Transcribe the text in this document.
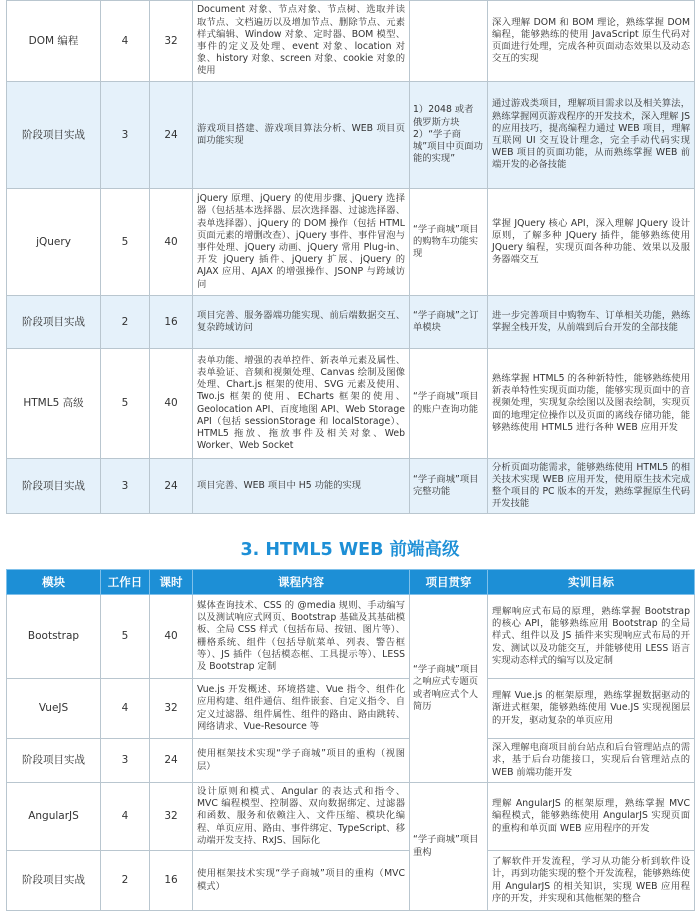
DOM 编程	4	32	Document 对象、节点对象、节点树、选取并读取节点、文档遍历以及增加节点、删除节点、元素样式编辑、Window 对象、定时器、BOM 模型、事件的定义及处理、event 对象、location 对象、history 对象、screen 对象、cookie 对象的使用		深入理解 DOM 和 BOM 理论，熟练掌握 DOM 编程，能够熟练的使用 JavaScript 原生代码对页面进行处理，完成各种页面动态效果以及动态交互的实现
阶段项目实战	3	24	游戏项目搭建、游戏项目算法分析、WEB 项目页面功能实现	1）2048 或者 俄罗斯方块 2）“学子商城”项目中页面功能的实现”	通过游戏类项目，理解项目需求以及相关算法，熟练掌握网页游戏程序的开发技术，深入理解 JS 的应用技巧，提高编程力通过 WEB 项目，理解互联网 UI 交互设计理念，完全手动代码实现 WEB 项目的页面功能，从而熟练掌握 WEB 前端开发的必备技能
jQuery	5	40	jQuery 原理、jQuery 的使用步骤、jQuery 选择器（包括基本选择器、层次选择器、过滤选择器、表单选择器）、jQuery 的 DOM 操作（包括 HTML 页面元素的增删改查）、jQuery 事件、事件冒泡与事件处理、jQuery 动画、jQuery 常用 Plug-in、开发 jQuery 插件、jQuery 扩展、jQuery 的 AJAX 应用、AJAX 的增强操作、JSONP 与跨域访问	“学子商城”项目的购物车功能实现	掌握 JQuery 核心 API，深入理解 JQuery 设计原则，了解多种 JQuery 插件，能够熟练使用 JQuery 编程，实现页面各种功能、效果以及服务器端交互
阶段项目实战	2	16	项目完善、服务器端功能实现、前后端数据交互、复杂跨域访问	“学子商城”之订单模块	进一步完善项目中购物车、订单相关功能，熟练掌握全栈开发，从前端到后台开发的全部技能
HTML5 高级	5	40	表单功能、增强的表单控件、新表单元素及属性、表单验证、音频和视频处理、Canvas 绘制及图像处理、Chart.js 框架的使用、SVG 元素及使用、Two.js 框架的使用、ECharts 框架的使用、Geolocation API、百度地图 API、Web Storage API（包括 sessionStorage 和 localStorage）、HTML5 拖放、拖放事件及相关对象、Web Worker、Web Socket	“学子商城”项目的账户查询功能	熟练掌握 HTML5 的各种新特性，能够熟练使用新表单特性实现页面功能，能够实现页面中的音视频处理，实现复杂绘图以及图表绘制，实现页面的地理定位操作以及页面的离线存储功能，能够熟练使用 HTML5 进行各种 WEB 应用开发
阶段项目实战	3	24	项目完善、WEB 项目中 H5 功能的实现	“学子商城”项目完整功能	分析页面功能需求，能够熟练使用 HTML5 的相关技术实现 WEB 应用开发，使用原生技术完成整个项目的 PC 版本的开发，熟练掌握原生代码开发技能
3. HTML5 WEB 前端高级
模块	工作日	课时	课程内容	项目贯穿	实训目标
Bootstrap	5	40	媒体查询技术、CSS 的 @media 规则、手动编写以及测试响应式网页、Bootstrap 基础及其基础模板、全局 CSS 样式（包括布局、按钮、图片等）、栅格系统、组件（包括导航菜单、列表、警告框等）、JS 插件（包括模态框、工具提示等）、LESS 及 Bootstrap 定制	“学子商城”项目之响应式专题页或者响应式个人简历	理解响应式布局的原理，熟练掌握 Bootstrap 的核心 API，能够熟练应用 Bootstrap 的全局样式、组件以及 JS 插件来实现响应式布局的开发、测试以及功能交互，并能够使用 LESS 语言实现动态样式的编写以及定制
VueJS	4	32	Vue.js 开发概述、环境搭建、Vue 指令、组件化应用构建、组件通信、组件嵌套、自定义指令、自定义过滤器、组件属性、组件的路由、路由跳转、网络请求、Vue-Resource 等		理解 Vue.js 的框架原理，熟练掌握数据驱动的渐进式框架，能够熟练使用 Vue.JS 实现视图层的开发，驱动复杂的单页应用
阶段项目实战	3	24	使用框架技术实现“学子商城”项目的重构（视图层）		深入理解电商项目前台站点和后台管理站点的需求，基于后台功能接口，实现后台管理站点的 WEB 前端功能开发
AngularJS	4	32	设计原则和模式、Angular 的表达式和指令、MVC 编程模型、控制器、双向数据绑定、过滤器和函数、服务和依赖注入、文件压缩、模块化编程、单页应用、路由、事件绑定、TypeScript、移动端开发支持、RxJS、国际化	“学子商城”项目重构	理解 AngularJS 的框架原理，熟练掌握 MVC 编程模式，能够熟练使用 AngularJS 实现页面的重构和单页面 WEB 应用程序的开发
阶段项目实战	2	16	使用框架技术实现“学子商城”项目的重构（MVC 模式）		了解软件开发流程，学习从功能分析到软件设计，再到功能实现的整个开发流程，能够熟练使用 AngularJS 的相关知识，实现 WEB 应用程序的开发，并实现和其他框架的整合
